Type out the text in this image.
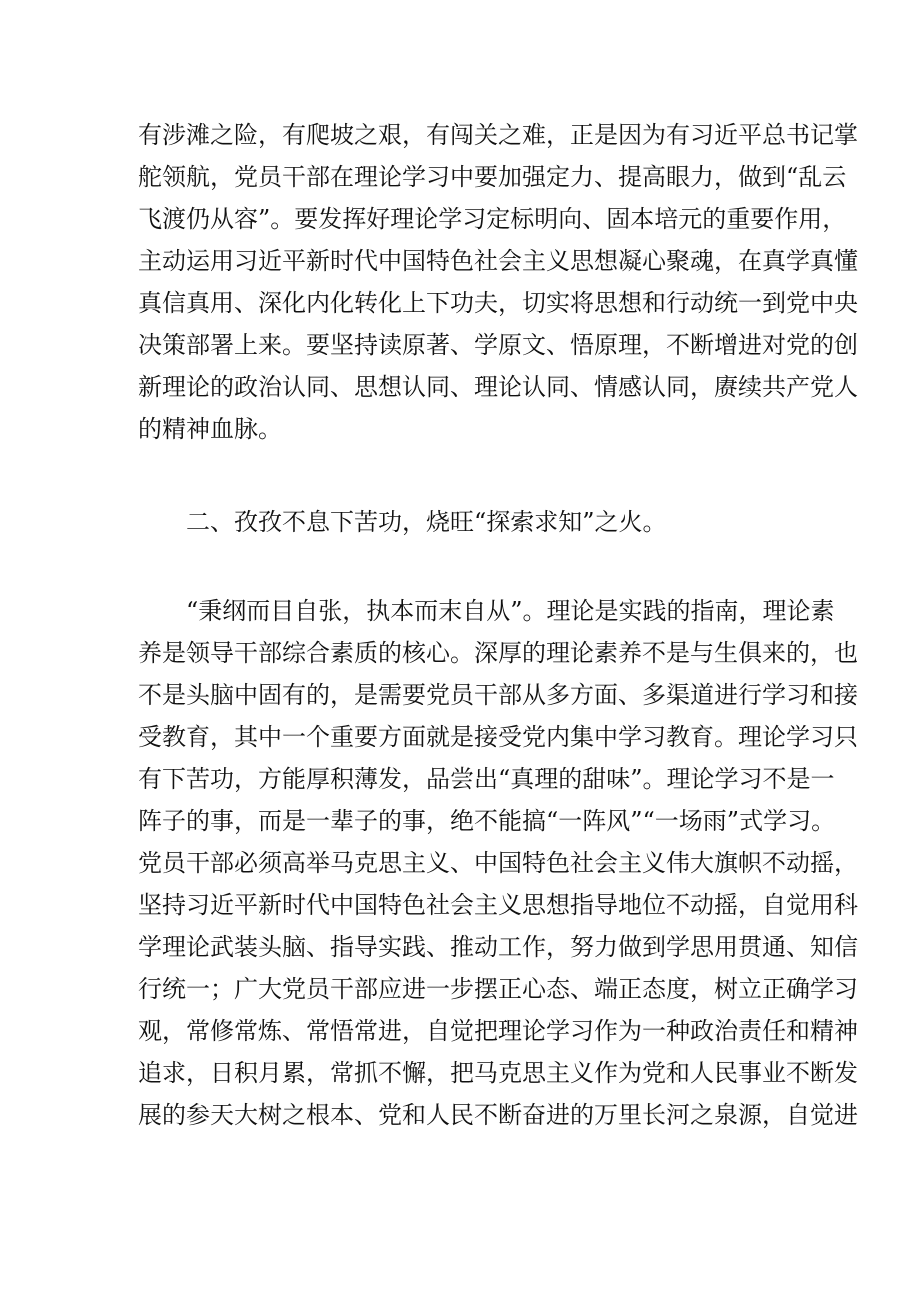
有涉滩之险，有爬坡之艰，有闯关之难，正是因为有习近平总书记掌
舵领航，党员干部在理论学习中要加强定力、提高眼力，做到“乱云
飞渡仍从容”。要发挥好理论学习定标明向、固本培元的重要作用，
主动运用习近平新时代中国特色社会主义思想凝心聚魂，在真学真懂
真信真用、深化内化转化上下功夫，切实将思想和行动统一到党中央
决策部署上来。要坚持读原著、学原文、悟原理，不断增进对党的创
新理论的政治认同、思想认同、理论认同、情感认同，赓续共产党人
的精神血脉。
二、孜孜不息下苦功，烧旺“探索求知”之火。
“秉纲而目自张，执本而末自从”。理论是实践的指南，理论素
养是领导干部综合素质的核心。深厚的理论素养不是与生俱来的，也
不是头脑中固有的，是需要党员干部从多方面、多渠道进行学习和接
受教育，其中一个重要方面就是接受党内集中学习教育。理论学习只
有下苦功，方能厚积薄发，品尝出“真理的甜味”。理论学习不是一
阵子的事，而是一辈子的事，绝不能搞“一阵风”“一场雨”式学习。
党员干部必须高举马克思主义、中国特色社会主义伟大旗帜不动摇，
坚持习近平新时代中国特色社会主义思想指导地位不动摇，自觉用科
学理论武装头脑、指导实践、推动工作，努力做到学思用贯通、知信
行统一；广大党员干部应进一步摆正心态、端正态度，树立正确学习
观，常修常炼、常悟常进，自觉把理论学习作为一种政治责任和精神
追求，日积月累，常抓不懈，把马克思主义作为党和人民事业不断发
展的参天大树之根本、党和人民不断奋进的万里长河之泉源，自觉进
